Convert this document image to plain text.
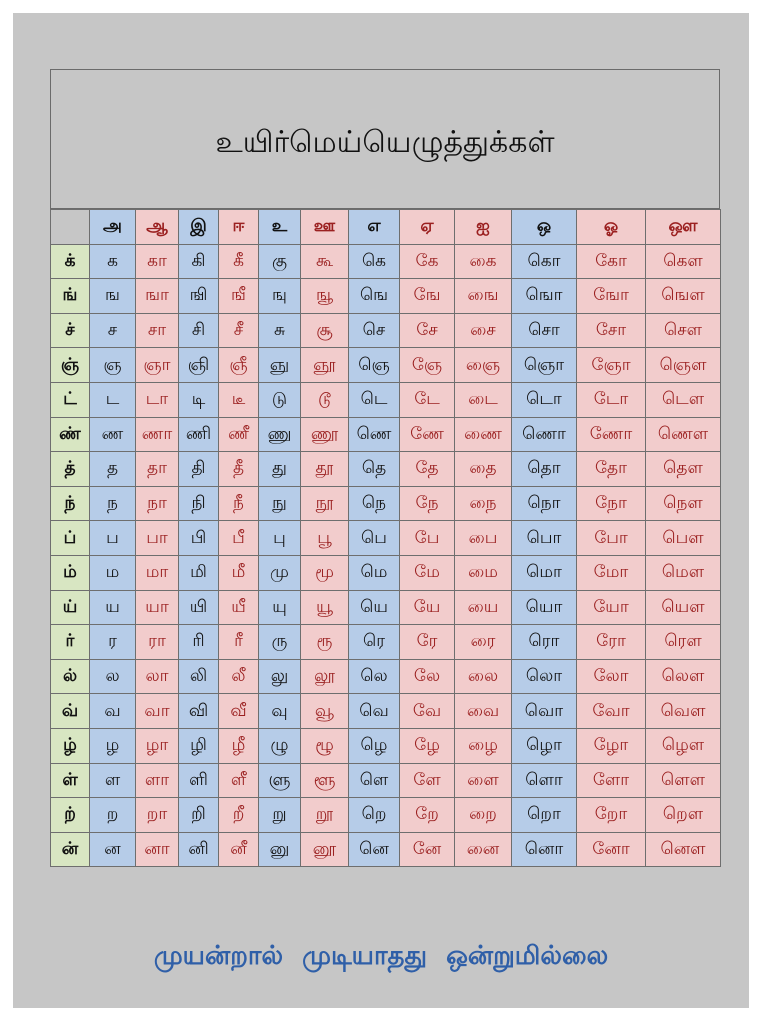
உயிர்மெய்யெழுத்துக்கள்
	அ	ஆ	இ	ஈ	உ	ஊ	எ	ஏ	ஐ	ஒ	ஓ	ஔ
க்	க	கா	கி	கீ	கு	கூ	கெ	கே	கை	கொ	கோ	கௌ
ங்	ங	ஙா	ஙி	ஙீ	ஙு	ஙூ	ஙெ	ஙே	ஙை	ஙொ	ஙோ	ஙௌ
ச்	ச	சா	சி	சீ	சு	சூ	செ	சே	சை	சொ	சோ	சௌ
ஞ்	ஞ	ஞா	ஞி	ஞீ	ஞு	ஞூ	ஞெ	ஞே	ஞை	ஞொ	ஞோ	ஞௌ
ட்	ட	டா	டி	டீ	டு	டூ	டெ	டே	டை	டொ	டோ	டௌ
ண்	ண	ணா	ணி	ணீ	ணு	ணூ	ணெ	ணே	ணை	ணொ	ணோ	ணௌ
த்	த	தா	தி	தீ	து	தூ	தெ	தே	தை	தொ	தோ	தௌ
ந்	ந	நா	நி	நீ	நு	நூ	நெ	நே	நை	நொ	நோ	நௌ
ப்	ப	பா	பி	பீ	பு	பூ	பெ	பே	பை	பொ	போ	பௌ
ம்	ம	மா	மி	மீ	மு	மூ	மெ	மே	மை	மொ	மோ	மௌ
ய்	ய	யா	யி	யீ	யு	யூ	யெ	யே	யை	யொ	யோ	யௌ
ர்	ர	ரா	ரி	ரீ	ரு	ரூ	ரெ	ரே	ரை	ரொ	ரோ	ரௌ
ல்	ல	லா	லி	லீ	லு	லூ	லெ	லே	லை	லொ	லோ	லௌ
வ்	வ	வா	வி	வீ	வு	வூ	வெ	வே	வை	வொ	வோ	வௌ
ழ்	ழ	ழா	ழி	ழீ	ழு	ழூ	ழெ	ழே	ழை	ழொ	ழோ	ழௌ
ள்	ள	ளா	ளி	ளீ	ளு	ளூ	ளெ	ளே	ளை	ளொ	ளோ	ளௌ
ற்	ற	றா	றி	றீ	று	றூ	றெ	றே	றை	றொ	றோ	றௌ
ன்	ன	னா	னி	னீ	னு	னூ	னெ	னே	னை	னொ	னோ	னௌ
முயன்றால் முடியாதது ஒன்றுமில்லை
